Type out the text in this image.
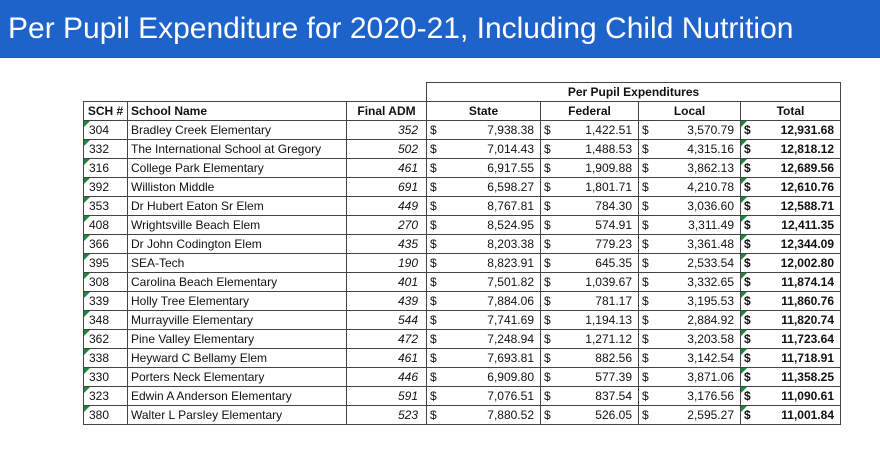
Per Pupil Expenditure for 2020-21, Including Child Nutrition
			Per Pupil Expenditures							
SCH #	School Name	Final ADM	State		Federal		Local		Total	
304	Bradley Creek Elementary	352	$	7,938.38	$	1,422.51	$	3,570.79	$	12,931.68
332	The International School at Gregory	502	$	7,014.43	$	1,488.53	$	4,315.16	$	12,818.12
316	College Park Elementary	461	$	6,917.55	$	1,909.88	$	3,862.13	$	12,689.56
392	Williston Middle	691	$	6,598.27	$	1,801.71	$	4,210.78	$	12,610.76
353	Dr Hubert Eaton Sr Elem	449	$	8,767.81	$	784.30	$	3,036.60	$	12,588.71
408	Wrightsville Beach Elem	270	$	8,524.95	$	574.91	$	3,311.49	$	12,411.35
366	Dr John Codington Elem	435	$	8,203.38	$	779.23	$	3,361.48	$	12,344.09
395	SEA-Tech	190	$	8,823.91	$	645.35	$	2,533.54	$	12,002.80
308	Carolina Beach Elementary	401	$	7,501.82	$	1,039.67	$	3,332.65	$	11,874.14
339	Holly Tree Elementary	439	$	7,884.06	$	781.17	$	3,195.53	$	11,860.76
348	Murrayville Elementary	544	$	7,741.69	$	1,194.13	$	2,884.92	$	11,820.74
362	Pine Valley Elementary	472	$	7,248.94	$	1,271.12	$	3,203.58	$	11,723.64
338	Heyward C Bellamy Elem	461	$	7,693.81	$	882.56	$	3,142.54	$	11,718.91
330	Porters Neck Elementary	446	$	6,909.80	$	577.39	$	3,871.06	$	11,358.25
323	Edwin A Anderson Elementary	591	$	7,076.51	$	837.54	$	3,176.56	$	11,090.61
380	Walter L Parsley Elementary	523	$	7,880.52	$	526.05	$	2,595.27	$	11,001.84
